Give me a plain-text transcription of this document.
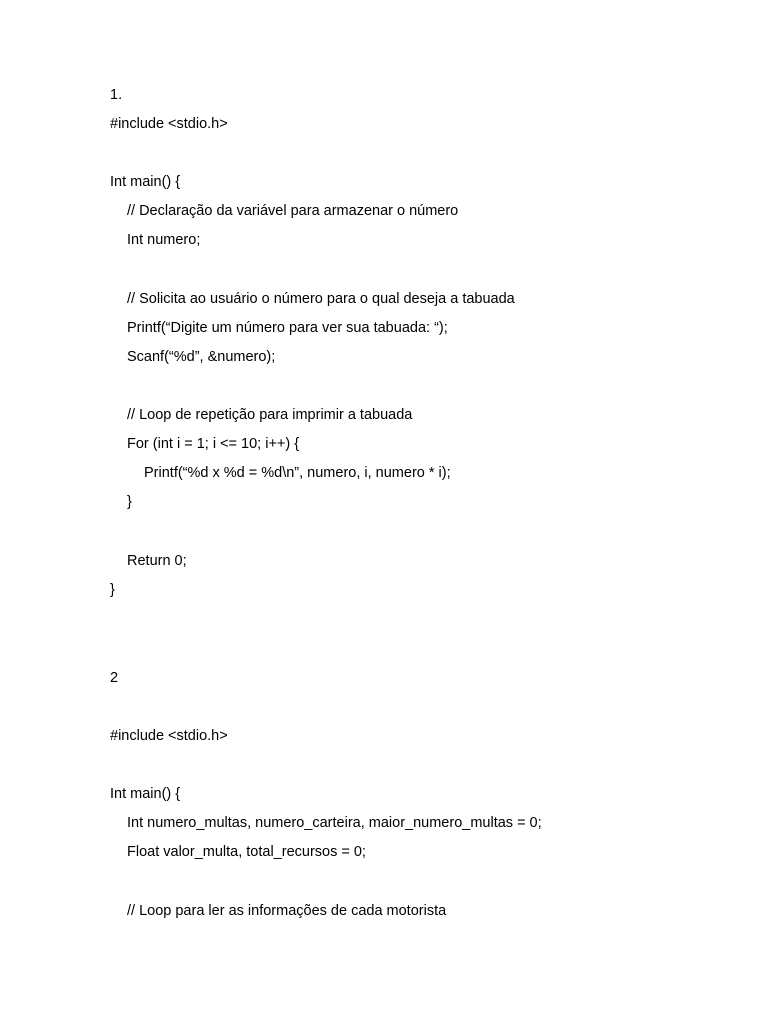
1.
#include <stdio.h>
Int main() {
// Declaração da variável para armazenar o número
Int numero;
// Solicita ao usuário o número para o qual deseja a tabuada
Printf(“Digite um número para ver sua tabuada: “);
Scanf(“%d”, &numero);
// Loop de repetição para imprimir a tabuada
For (int i = 1; i <= 10; i++) {
Printf(“%d x %d = %d\n”, numero, i, numero * i);
}
Return 0;
}
2
#include <stdio.h>
Int main() {
Int numero_multas, numero_carteira, maior_numero_multas = 0;
Float valor_multa, total_recursos = 0;
// Loop para ler as informações de cada motorista
